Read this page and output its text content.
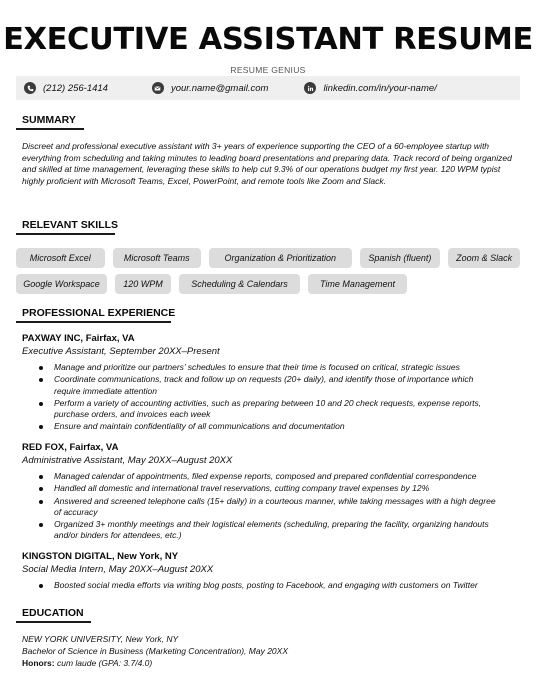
EXECUTIVE ASSISTANT RESUME
RESUME GENIUS
(212) 256-1414	your.name@gmail.com	linkedin.com/in/your-name/
SUMMARY
Discreet and professional executive assistant with 3+ years of experience supporting the CEO of a 60-employee startup with everything from scheduling and taking minutes to leading board presentations and preparing data. Track record of being organized and skilled at time management, leveraging these skills to help cut 9.3% of our operations budget my first year. 120 WPM typist highly proficient with Microsoft Teams, Excel, PowerPoint, and remote tools like Zoom and Slack.
RELEVANT SKILLS
Microsoft Excel	Microsoft Teams	Organization & Prioritization	Spanish (fluent)	Zoom & Slack
Google Workspace	120 WPM	Scheduling & Calendars	Time Management
PROFESSIONAL EXPERIENCE
PAXWAY INC, Fairfax, VA
Executive Assistant, September 20XX–Present
Manage and prioritize our partners’ schedules to ensure that their time is focused on critical, strategic issues
Coordinate communications, track and follow up on requests (20+ daily), and identify those of importance which require immediate attention
Perform a variety of accounting activities, such as preparing between 10 and 20 check requests, expense reports, purchase orders, and invoices each week
Ensure and maintain confidentiality of all communications and documentation
RED FOX, Fairfax, VA
Administrative Assistant, May 20XX–August 20XX
Managed calendar of appointments, filed expense reports, composed and prepared confidential correspondence
Handled all domestic and international travel reservations, cutting company travel expenses by 12%
Answered and screened telephone calls (15+ daily) in a courteous manner, while taking messages with a high degree of accuracy
Organized 3+ monthly meetings and their logistical elements (scheduling, preparing the facility, organizing handouts and/or binders for attendees, etc.)
KINGSTON DIGITAL, New York, NY
Social Media Intern, May 20XX–August 20XX
Boosted social media efforts via writing blog posts, posting to Facebook, and engaging with customers on Twitter
EDUCATION
NEW YORK UNIVERSITY, New York, NY
Bachelor of Science in Business (Marketing Concentration), May 20XX
Honors: cum laude (GPA: 3.7/4.0)
